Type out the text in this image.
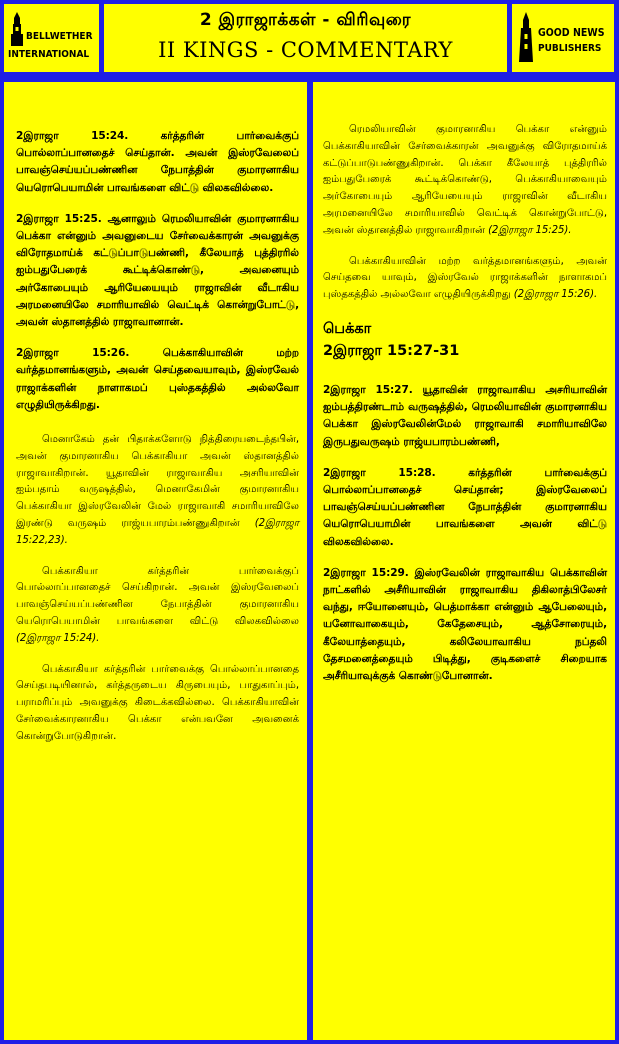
BELLWETHER
INTERNATIONAL
2 இராஜாக்கள் - விரிவுரை
II KINGS - COMMENTARY
GOOD NEWS
PUBLISHERS

2இராஜா 15:24. கர்த்தரின் பார்வைக்குப் பொல்லாப்பானதைச் செய்தான். அவன் இஸ்ரவேலைப் பாவஞ்செய்யப்பண்ணின நேபாத்தின் குமாரனாகிய யெரொபெயாமின் பாவங்களை விட்டு விலகவில்லை.

2இராஜா 15:25. ஆனாலும் ரெமலியாவின் குமாரனாகிய பெக்கா என்னும் அவனுடைய சேர்வைக்காரன் அவனுக்கு விரோதமாய்க் கட்டுப்பாடுபண்ணி, கீலேயாத் புத்திரரில் ஐம்பதுபேரைக் கூட்டிக்கொண்டு, அவனையும் அர்கோபையும் ஆரியேயையும் ராஜாவின் வீடாகிய அரமனையிலே சமாரியாவில் வெட்டிக் கொன்றுபோட்டு, அவன் ஸ்தானத்தில் ராஜாவானான்.

2இராஜா 15:26. பெக்காகியாவின் மற்ற வர்த்தமானங்களும், அவன் செய்தவையாவும், இஸ்ரவேல் ராஜாக்களின் நாளாகமப் புஸ்தகத்தில் அல்லவோ எழுதியிருக்கிறது.

மெனாகேம் தன் பிதாக்களோடு நித்திரையடைந்தபின், அவன் குமாரனாகிய பெக்காகியா அவன் ஸ்தானத்தில் ராஜாவாகிறான். யூதாவின் ராஜாவாகிய அசரியாவின் ஐம்பதாம் வருஷத்தில், மெனாகேமின் குமாரனாகிய பெக்காகியா இஸ்ரவேலின் மேல் ராஜாவாகி சமாரியாவிலே இரண்டு வருஷம் ராஜ்யபாரம்பண்ணுகிறான் (2இராஜா 15:22,23).

பெக்காகியா கர்த்தரின் பார்வைக்குப் பொல்லாப்பானதைச் செய்கிறான். அவன் இஸ்ரவேலைப் பாவஞ்செய்யப்பண்ணின நேபாத்தின் குமாரனாகிய யெரொபெயாமின் பாவங்களை விட்டு விலகவில்லை (2இராஜா 15:24).

பெக்காகியா கர்த்தரின் பார்வைக்கு பொல்லாப்பானதை செய்தபடியினால், கர்த்தருடைய கிருபையும், பாதுகாப்பும், பராமரிப்பும் அவனுக்கு கிடைக்கவில்லை. பெக்காகியாவின் சேர்வைக்காரனாகிய பெக்கா என்பவனே அவனைக் கொன்றுபோடுகிறான்.

ரெமலியாவின் குமாரனாகிய பெக்கா என்னும் பெக்காகியாவின் சேர்வைக்காரன் அவனுக்கு விரோதமாய்க் கட்டுப்பாடுபண்ணுகிறான். பெக்கா கீலேயாத் புத்திரரில் ஐம்பதுபேரைக் கூட்டிக்கொண்டு, பெக்காகியாவையும் அர்கோபையும் ஆரியேயையும் ராஜாவின் வீடாகிய அரமனையிலே சமாரியாவில் வெட்டிக் கொன்றுபோட்டு, அவன் ஸ்தானத்தில் ராஜாவாகிறான் (2இராஜா 15:25).

பெக்காகியாவின் மற்ற வர்த்தமானங்களும், அவன் செய்தவை யாவும், இஸ்ரவேல் ராஜாக்களின் நாளாகமப் புஸ்தகத்தில் அல்லவோ எழுதியிருக்கிறது (2இராஜா 15:26).

பெக்கா
2இராஜா 15:27-31

2இராஜா 15:27. யூதாவின் ராஜாவாகிய அசரியாவின் ஐம்பத்திரண்டாம் வருஷத்தில், ரெமலியாவின் குமாரனாகிய பெக்கா இஸ்ரவேலின்மேல் ராஜாவாகி சமாரியாவிலே இருபதுவருஷம் ராஜ்யபாரம்பண்ணி,

2இராஜா 15:28. கர்த்தரின் பார்வைக்குப் பொல்லாப்பானதைச் செய்தான்; இஸ்ரவேலைப் பாவஞ்செய்யப்பண்ணின நேபாத்தின் குமாரனாகிய யெரொபெயாமின் பாவங்களை அவன் விட்டு விலகவில்லை.

2இராஜா 15:29. இஸ்ரவேலின் ராஜாவாகிய பெக்காவின் நாட்களில் அசீரியாவின் ராஜாவாகிய திகிலாத்பிலேசர் வந்து, ஈயோனையும், பெத்மாக்கா என்னும் ஆபேலையும், யனோவாகையும், கேதேசையும், ஆத்சோரையும், கீலேயாத்தையும், கலிலேயாவாகிய நப்தலி தேசமனைத்தையும் பிடித்து, குடிகளைச் சிறையாக அசீரியாவுக்குக் கொண்டுபோனான்.
